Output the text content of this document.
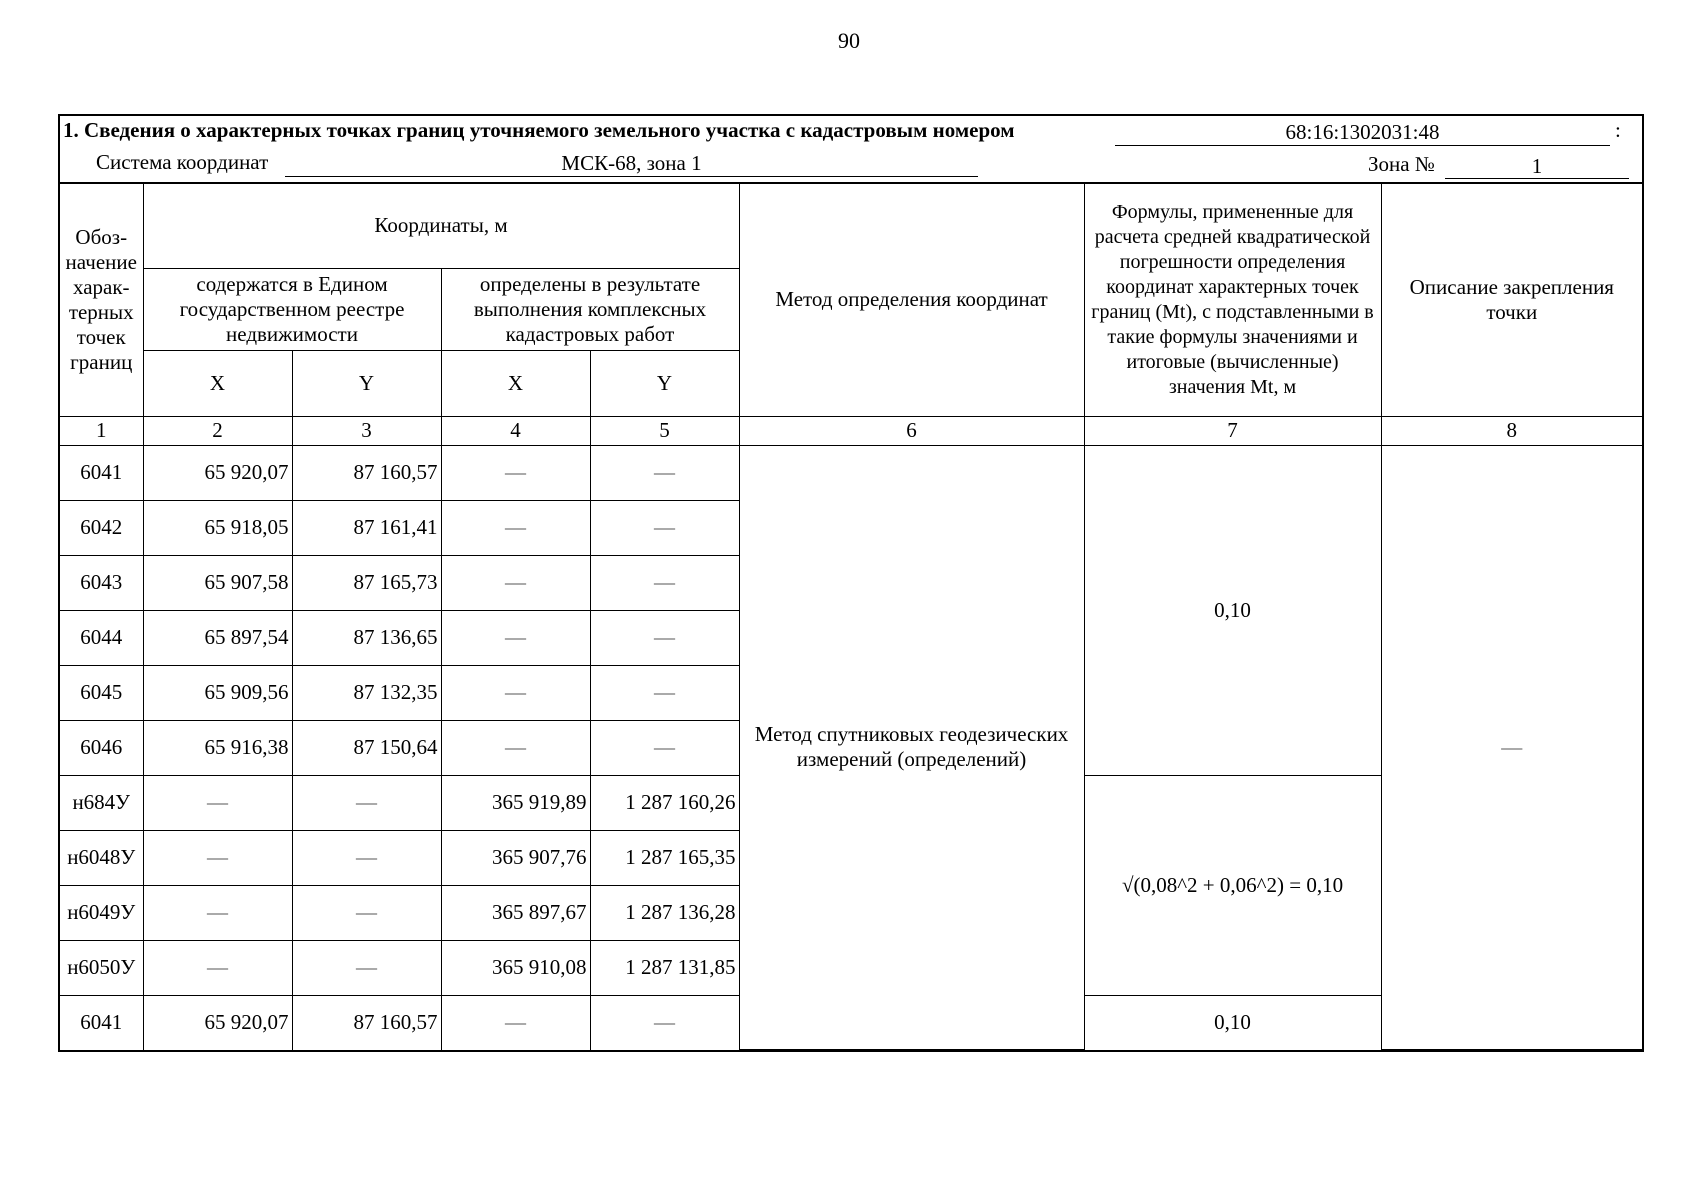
90
1. Сведения о характерных точках границ уточняемого земельного участка с кадастровым номером	68:16:1302031:48	:
Система координат	МСК-68, зона 1	Зона №	1
Обоз-начение харак-терных точек границ	Координаты, м				Метод определения координат	Формулы, примененные для расчета средней квадратической погрешности определения координат характерных точек границ (Mt), с подставленными в такие формулы значениями и итоговые (вычисленные) значения Mt, м	Описание закрепления точки
	содержатся в Едином государственном реестре недвижимости		определены в результате выполнения комплексных кадастровых работ				
	X	Y	X	Y			
1	2	3	4	5	6	7	8
6041	65 920,07	87 160,57	—	—	Метод спутниковых геодезических измерений (определений)	0,10	—
6042	65 918,05	87 161,41	—	—			
6043	65 907,58	87 165,73	—	—			
6044	65 897,54	87 136,65	—	—			
6045	65 909,56	87 132,35	—	—			
6046	65 916,38	87 150,64	—	—			
н684У	—	—	365 919,89	1 287 160,26		√(0,08^2 + 0,06^2) = 0,10	
н6048У	—	—	365 907,76	1 287 165,35			
н6049У	—	—	365 897,67	1 287 136,28			
н6050У	—	—	365 910,08	1 287 131,85			
6041	65 920,07	87 160,57	—	—		0,10	
